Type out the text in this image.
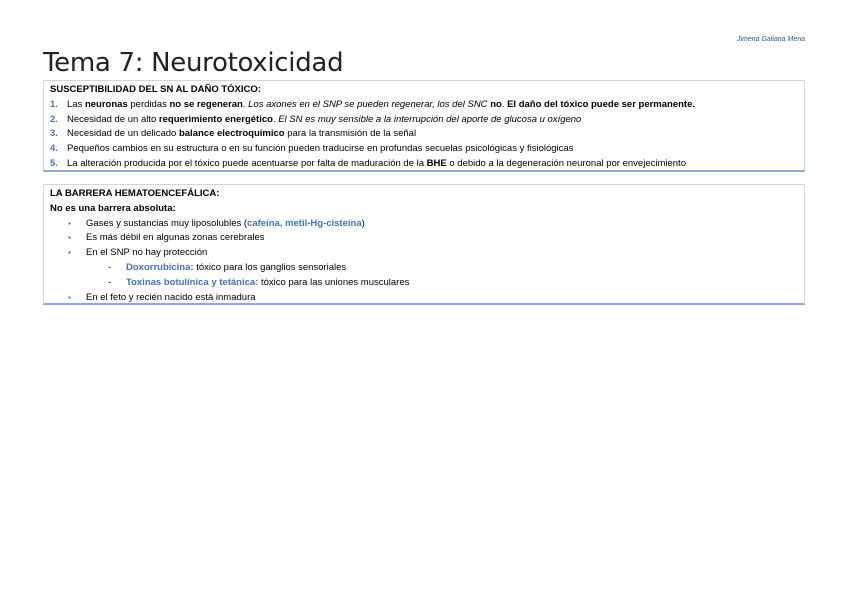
Jimena Galiana Mena
Tema 7: Neurotoxicidad
SUSCEPTIBILIDAD DEL SN AL DAÑO TÓXICO:
1. Las neuronas perdidas no se regeneran. Los axones en el SNP se pueden regenerar, los del SNC no. El daño del tóxico puede ser permanente.
2. Necesidad de un alto requerimiento energético. El SN es muy sensible a la interrupción del aporte de glucosa u oxígeno
3. Necesidad de un delicado balance electroquímico para la transmisión de la señal
4. Pequeños cambios en su estructura o en su función pueden traducirse en profundas secuelas psicológicas y fisiológicas
5. La alteración producida por el tóxico puede acentuarse por falta de maduración de la BHE o debido a la degeneración neuronal por envejecimiento
LA BARRERA HEMATOENCEFÁLICA:
No es una barrera absoluta:
▪ Gases y sustancias muy liposolubles (cafeína, metil-Hg-cisteína)
▪ Es más débil en algunas zonas cerebrales
▪ En el SNP no hay protección
- Doxorrubicina: tóxico para los ganglios sensoriales
- Toxinas botulínica y tetánica: tóxico para las uniones musculares
▪ En el feto y recién nacido está inmadura
